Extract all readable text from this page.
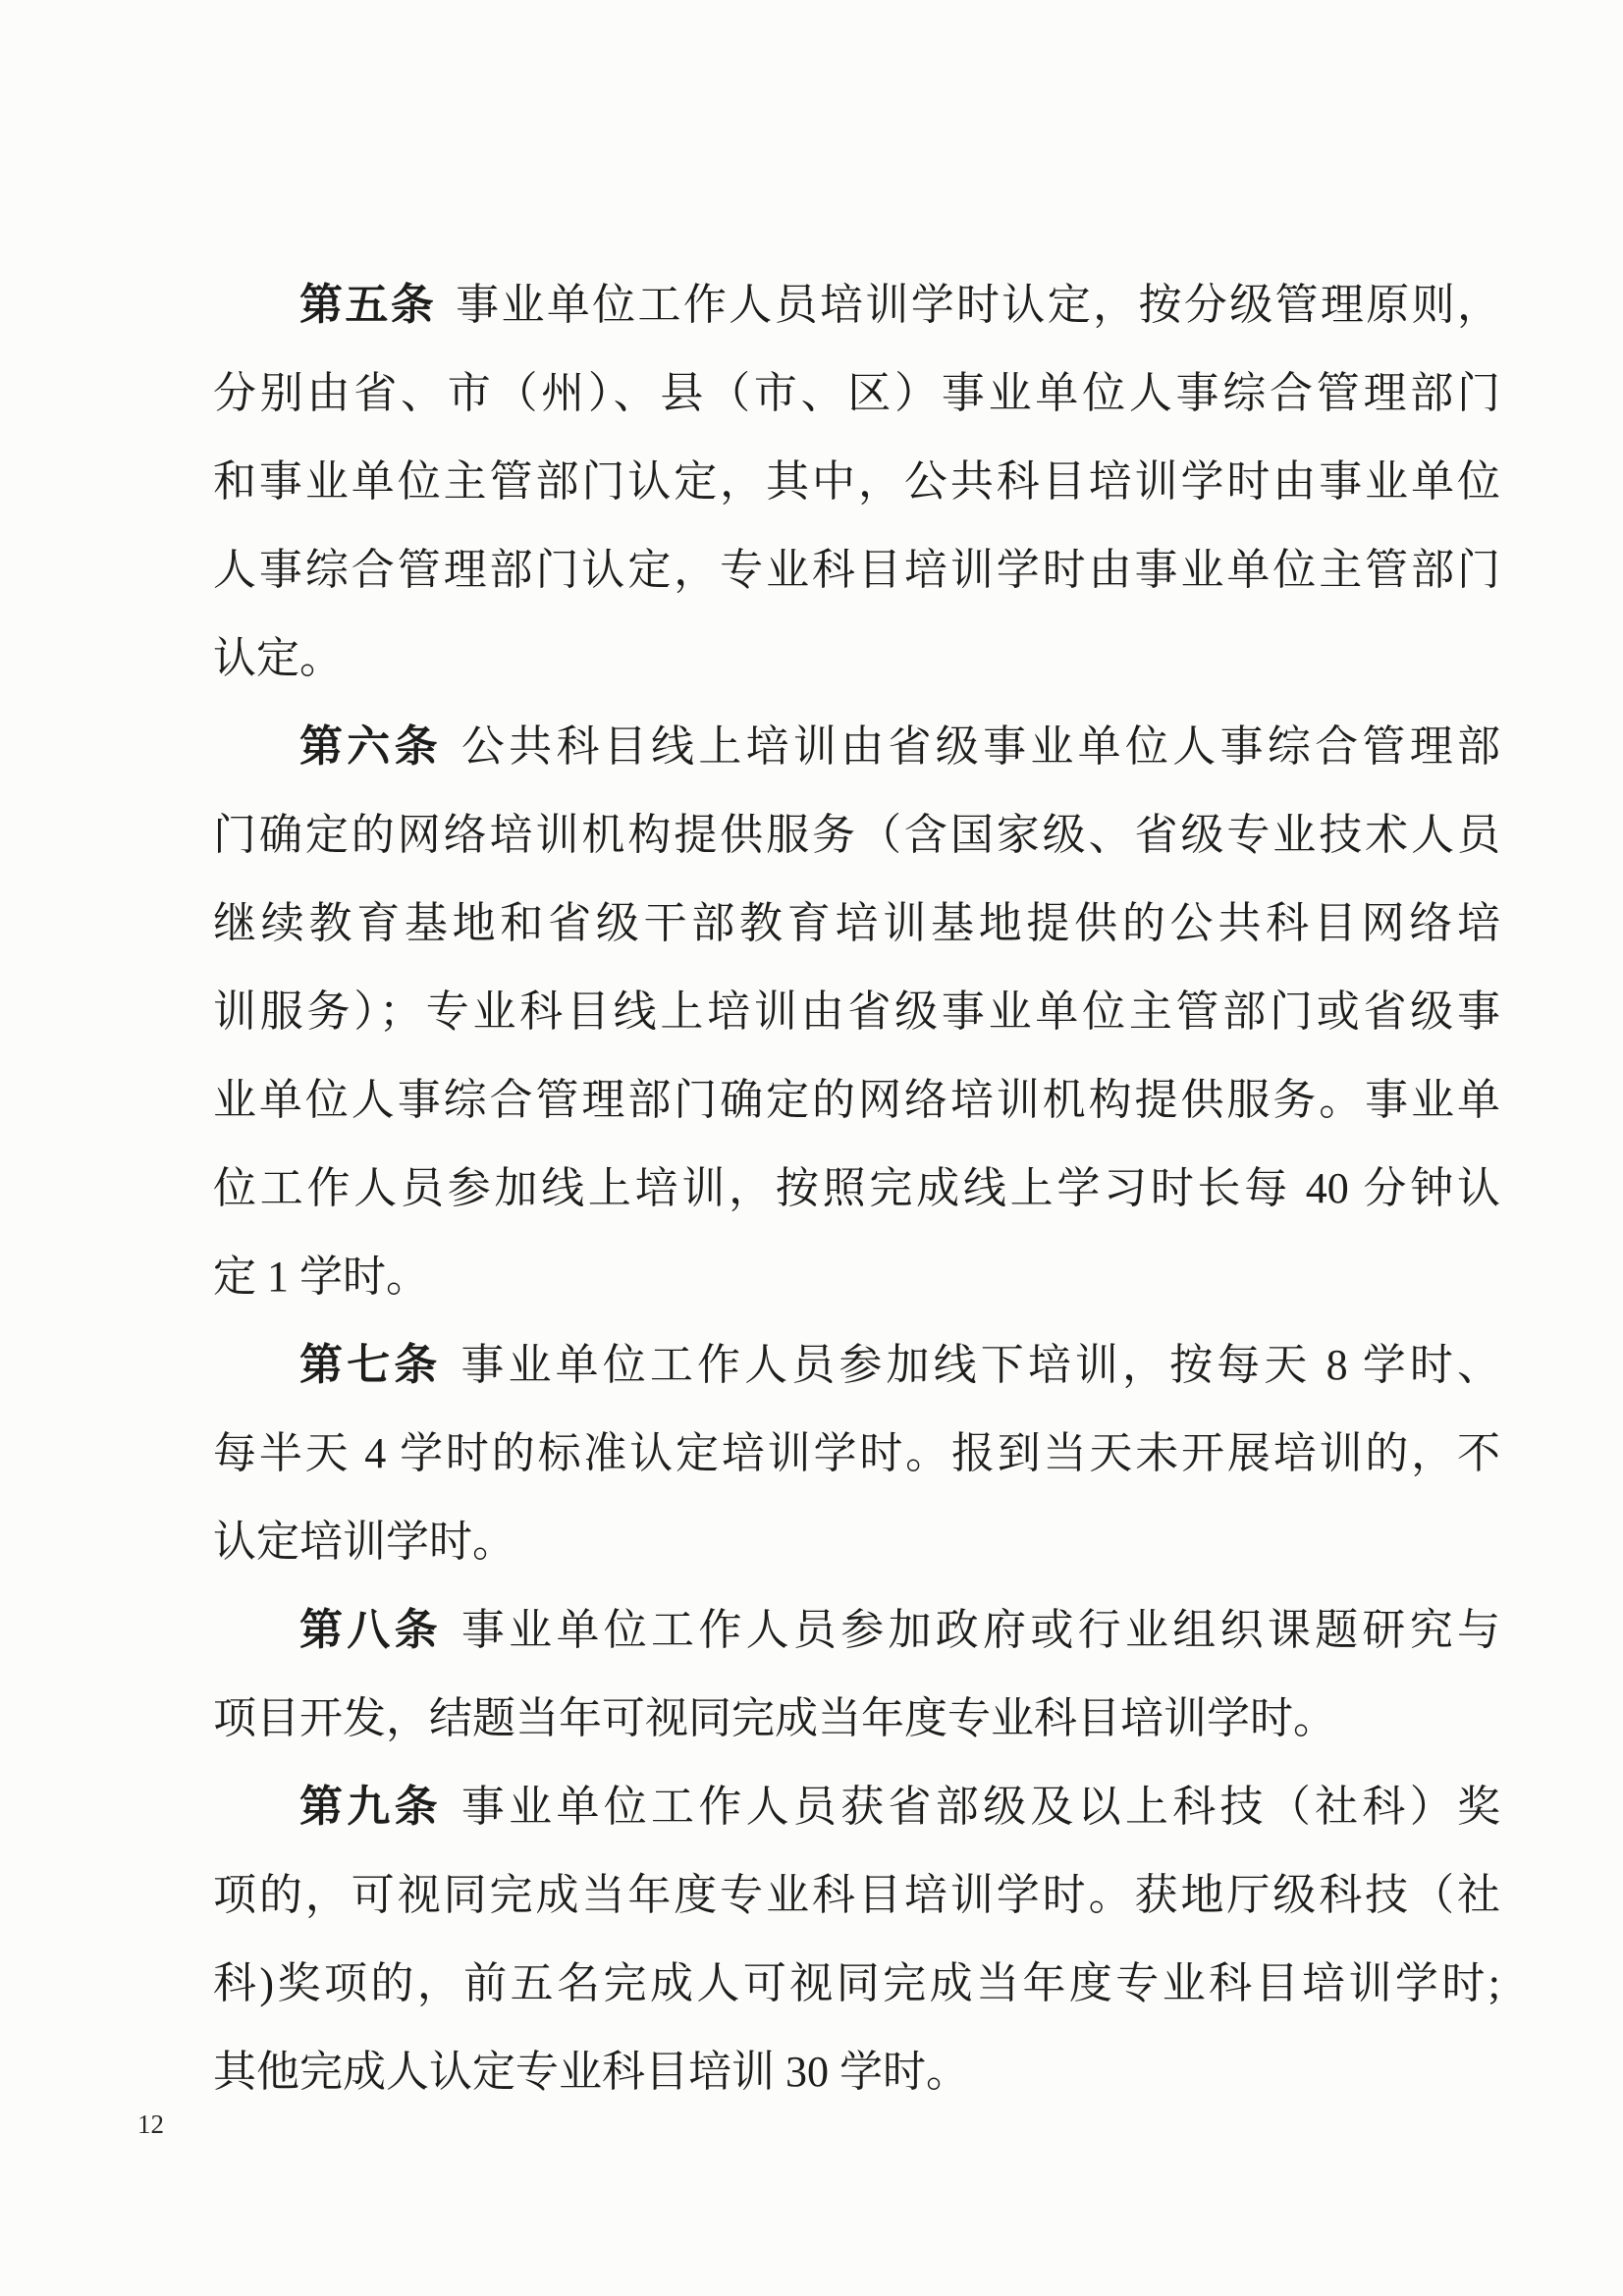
第五条 事业单位工作人员培训学时认定，按分级管理原则，
分别由省、市（州）、县（市、区）事业单位人事综合管理部门
和事业单位主管部门认定，其中，公共科目培训学时由事业单位
人事综合管理部门认定，专业科目培训学时由事业单位主管部门
认定。
第六条 公共科目线上培训由省级事业单位人事综合管理部
门确定的网络培训机构提供服务（含国家级、省级专业技术人员
继续教育基地和省级干部教育培训基地提供的公共科目网络培
训服务）；专业科目线上培训由省级事业单位主管部门或省级事
业单位人事综合管理部门确定的网络培训机构提供服务。事业单
位工作人员参加线上培训，按照完成线上学习时长每 40 分钟认
定 1 学时。
第七条 事业单位工作人员参加线下培训，按每天 8 学时、
每半天 4 学时的标准认定培训学时。报到当天未开展培训的，不
认定培训学时。
第八条 事业单位工作人员参加政府或行业组织课题研究与
项目开发，结题当年可视同完成当年度专业科目培训学时。
第九条 事业单位工作人员获省部级及以上科技（社科）奖
项的，可视同完成当年度专业科目培训学时。获地厅级科技（社
科)奖项的，前五名完成人可视同完成当年度专业科目培训学时;
其他完成人认定专业科目培训 30 学时。
12
